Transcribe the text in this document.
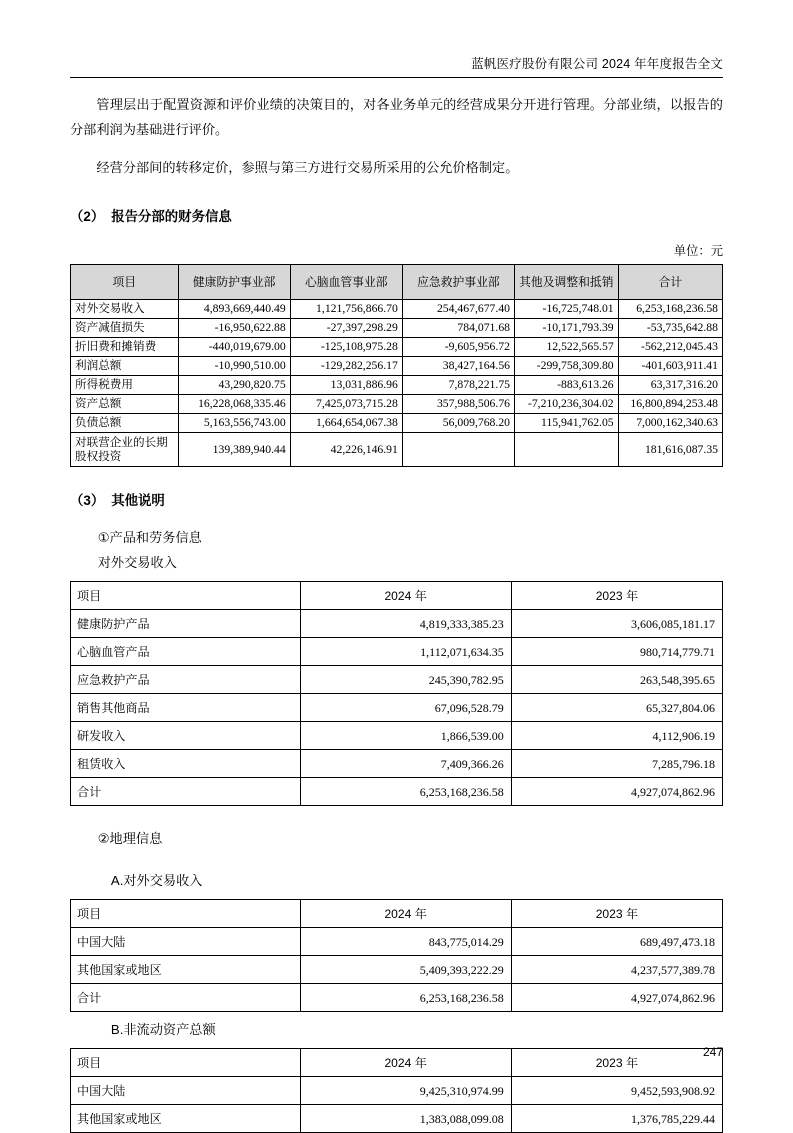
蓝帆医疗股份有限公司 2024 年年度报告全文

管理层出于配置资源和评价业绩的决策目的，对各业务单元的经营成果分开进行管理。分部业绩，以报告的分部利润为基础进行评价。

经营分部间的转移定价，参照与第三方进行交易所采用的公允价格制定。

（2） 报告分部的财务信息

单位：元
项目	健康防护事业部	心脑血管事业部	应急救护事业部	其他及调整和抵销	合计
对外交易收入	4,893,669,440.49	1,121,756,866.70	254,467,677.40	-16,725,748.01	6,253,168,236.58
资产减值损失	-16,950,622.88	-27,397,298.29	784,071.68	-10,171,793.39	-53,735,642.88
折旧费和摊销费	-440,019,679.00	-125,108,975.28	-9,605,956.72	12,522,565.57	-562,212,045.43
利润总额	-10,990,510.00	-129,282,256.17	38,427,164.56	-299,758,309.80	-401,603,911.41
所得税费用	43,290,820.75	13,031,886.96	7,878,221.75	-883,613.26	63,317,316.20
资产总额	16,228,068,335.46	7,425,073,715.28	357,988,506.76	-7,210,236,304.02	16,800,894,253.48
负债总额	5,163,556,743.00	1,664,654,067.38	56,009,768.20	115,941,762.05	7,000,162,340.63
对联营企业的长期股权投资	139,389,940.44	42,226,146.91			181,616,087.35

（3） 其他说明

①产品和劳务信息

对外交易收入

项目	2024 年	2023 年
健康防护产品	4,819,333,385.23	3,606,085,181.17
心脑血管产品	1,112,071,634.35	980,714,779.71
应急救护产品	245,390,782.95	263,548,395.65
销售其他商品	67,096,528.79	65,327,804.06
研发收入	1,866,539.00	4,112,906.19
租赁收入	7,409,366.26	7,285,796.18
合计	6,253,168,236.58	4,927,074,862.96

②地理信息

A.对外交易收入

项目	2024 年	2023 年
中国大陆	843,775,014.29	689,497,473.18
其他国家或地区	5,409,393,222.29	4,237,577,389.78
合计	6,253,168,236.58	4,927,074,862.96

B.非流动资产总额

项目	2024 年	2023 年
中国大陆	9,425,310,974.99	9,452,593,908.92
其他国家或地区	1,383,088,099.08	1,376,785,229.44
247
